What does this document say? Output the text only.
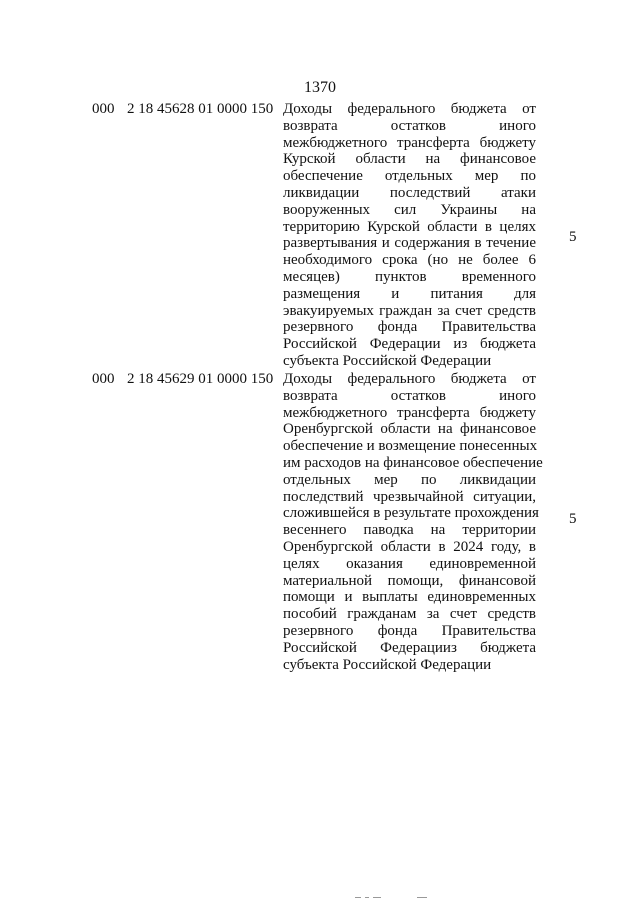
1370
000 2 18 45628 01 0000 150 Доходы федерального бюджета от
возврата остатков иного
межбюджетного трансферта бюджету
Курской области на финансовое
обеспечение отдельных мер по
ликвидации последствий атаки
вооруженных сил Украины на
территорию Курской области в целях
развертывания и содержания в течение
необходимого срока (но не более 6
месяцев) пунктов временного
размещения и питания для
эвакуируемых граждан за счет средств
резервного фонда Правительства
Российской Федерации из бюджета
субъекта Российской Федерации
5
000 2 18 45629 01 0000 150 Доходы федерального бюджета от
возврата остатков иного
межбюджетного трансферта бюджету
Оренбургской области на финансовое
обеспечение и возмещение понесенных
им расходов на финансовое обеспечение
отдельных мер по ликвидации
последствий чрезвычайной ситуации,
сложившейся в результате прохождения
весеннего паводка на территории
Оренбургской области в 2024 году, в
целях оказания единовременной
материальной помощи, финансовой
помощи и выплаты единовременных
пособий гражданам за счет средств
резервного фонда Правительства
Российской Федерацииз бюджета
субъекта Российской Федерации
5
